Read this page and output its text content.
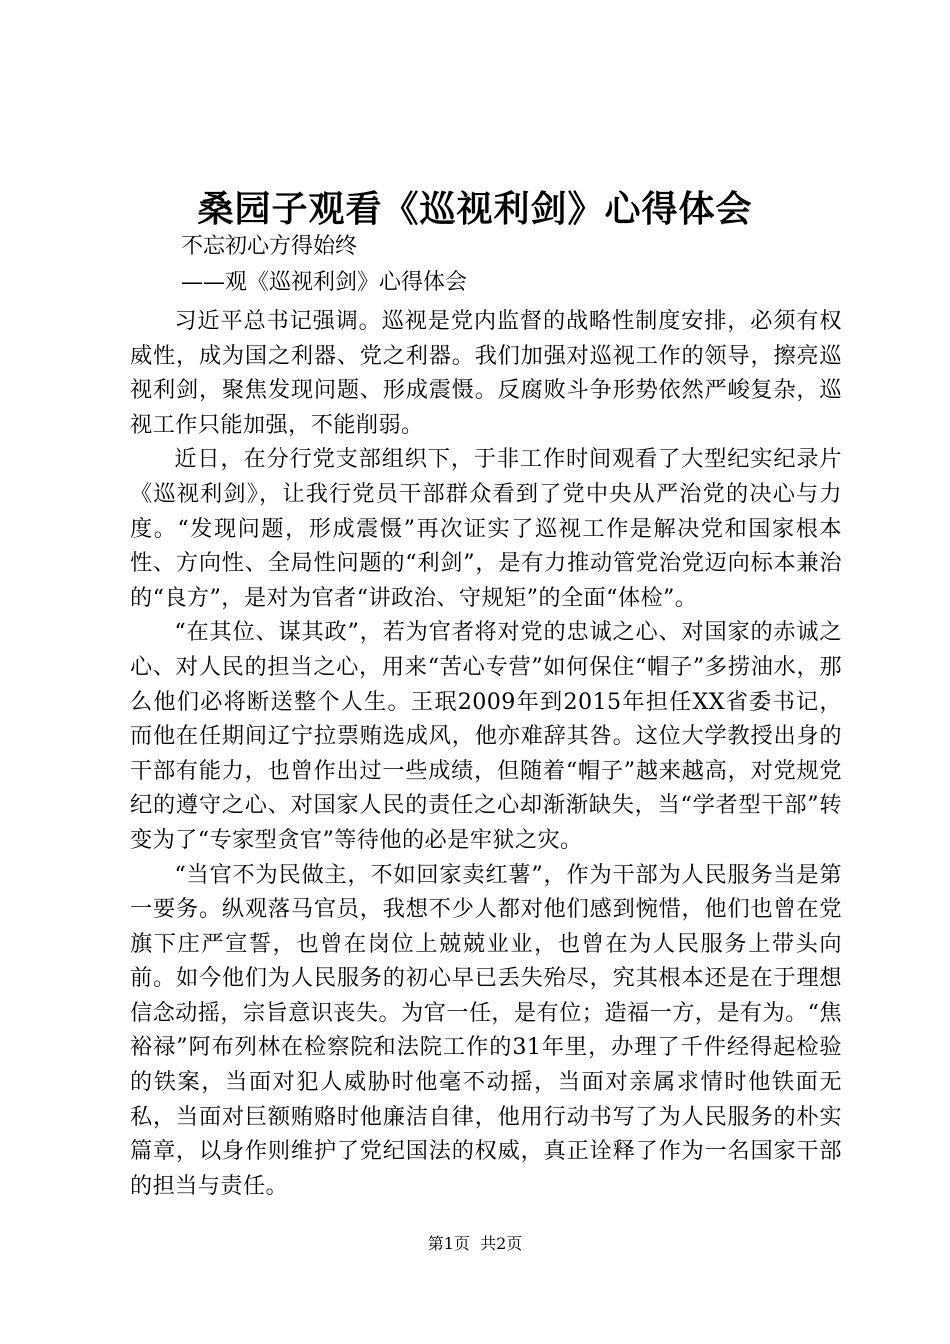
桑园子观看《巡视利剑》心得体会
不忘初心方得始终
——观《巡视利剑》心得体会

习近平总书记强调。巡视是党内监督的战略性制度安排，必须有权威性，成为国之利器、党之利器。我们加强对巡视工作的领导，擦亮巡视利剑，聚焦发现问题、形成震慑。反腐败斗争形势依然严峻复杂，巡视工作只能加强，不能削弱。

近日，在分行党支部组织下，于非工作时间观看了大型纪实纪录片《巡视利剑》，让我行党员干部群众看到了党中央从严治党的决心与力度。“发现问题，形成震慑”再次证实了巡视工作是解决党和国家根本性、方向性、全局性问题的“利剑”，是有力推动管党治党迈向标本兼治的“良方”，是对为官者“讲政治、守规矩”的全面“体检”。

“在其位、谋其政”，若为官者将对党的忠诚之心、对国家的赤诚之心、对人民的担当之心，用来“苦心专营”如何保住“帽子”多捞油水，那么他们必将断送整个人生。王珉2009年到2015年担任XX省委书记，而他在任期间辽宁拉票贿选成风，他亦难辞其咎。这位大学教授出身的干部有能力，也曾作出过一些成绩，但随着“帽子”越来越高，对党规党纪的遵守之心、对国家人民的责任之心却渐渐缺失，当“学者型干部”转变为了“专家型贪官”等待他的必是牢狱之灾。

“当官不为民做主，不如回家卖红薯”，作为干部为人民服务当是第一要务。纵观落马官员，我想不少人都对他们感到惋惜，他们也曾在党旗下庄严宣誓，也曾在岗位上兢兢业业，也曾在为人民服务上带头向前。如今他们为人民服务的初心早已丢失殆尽，究其根本还是在于理想信念动摇，宗旨意识丧失。为官一任，是有位；造福一方，是有为。“焦裕禄”阿布列林在检察院和法院工作的31年里，办理了千件经得起检验的铁案，当面对犯人威胁时他毫不动摇，当面对亲属求情时他铁面无私，当面对巨额贿赂时他廉洁自律，他用行动书写了为人民服务的朴实篇章，以身作则维护了党纪国法的权威，真正诠释了作为一名国家干部的担当与责任。

第1页  共2页
